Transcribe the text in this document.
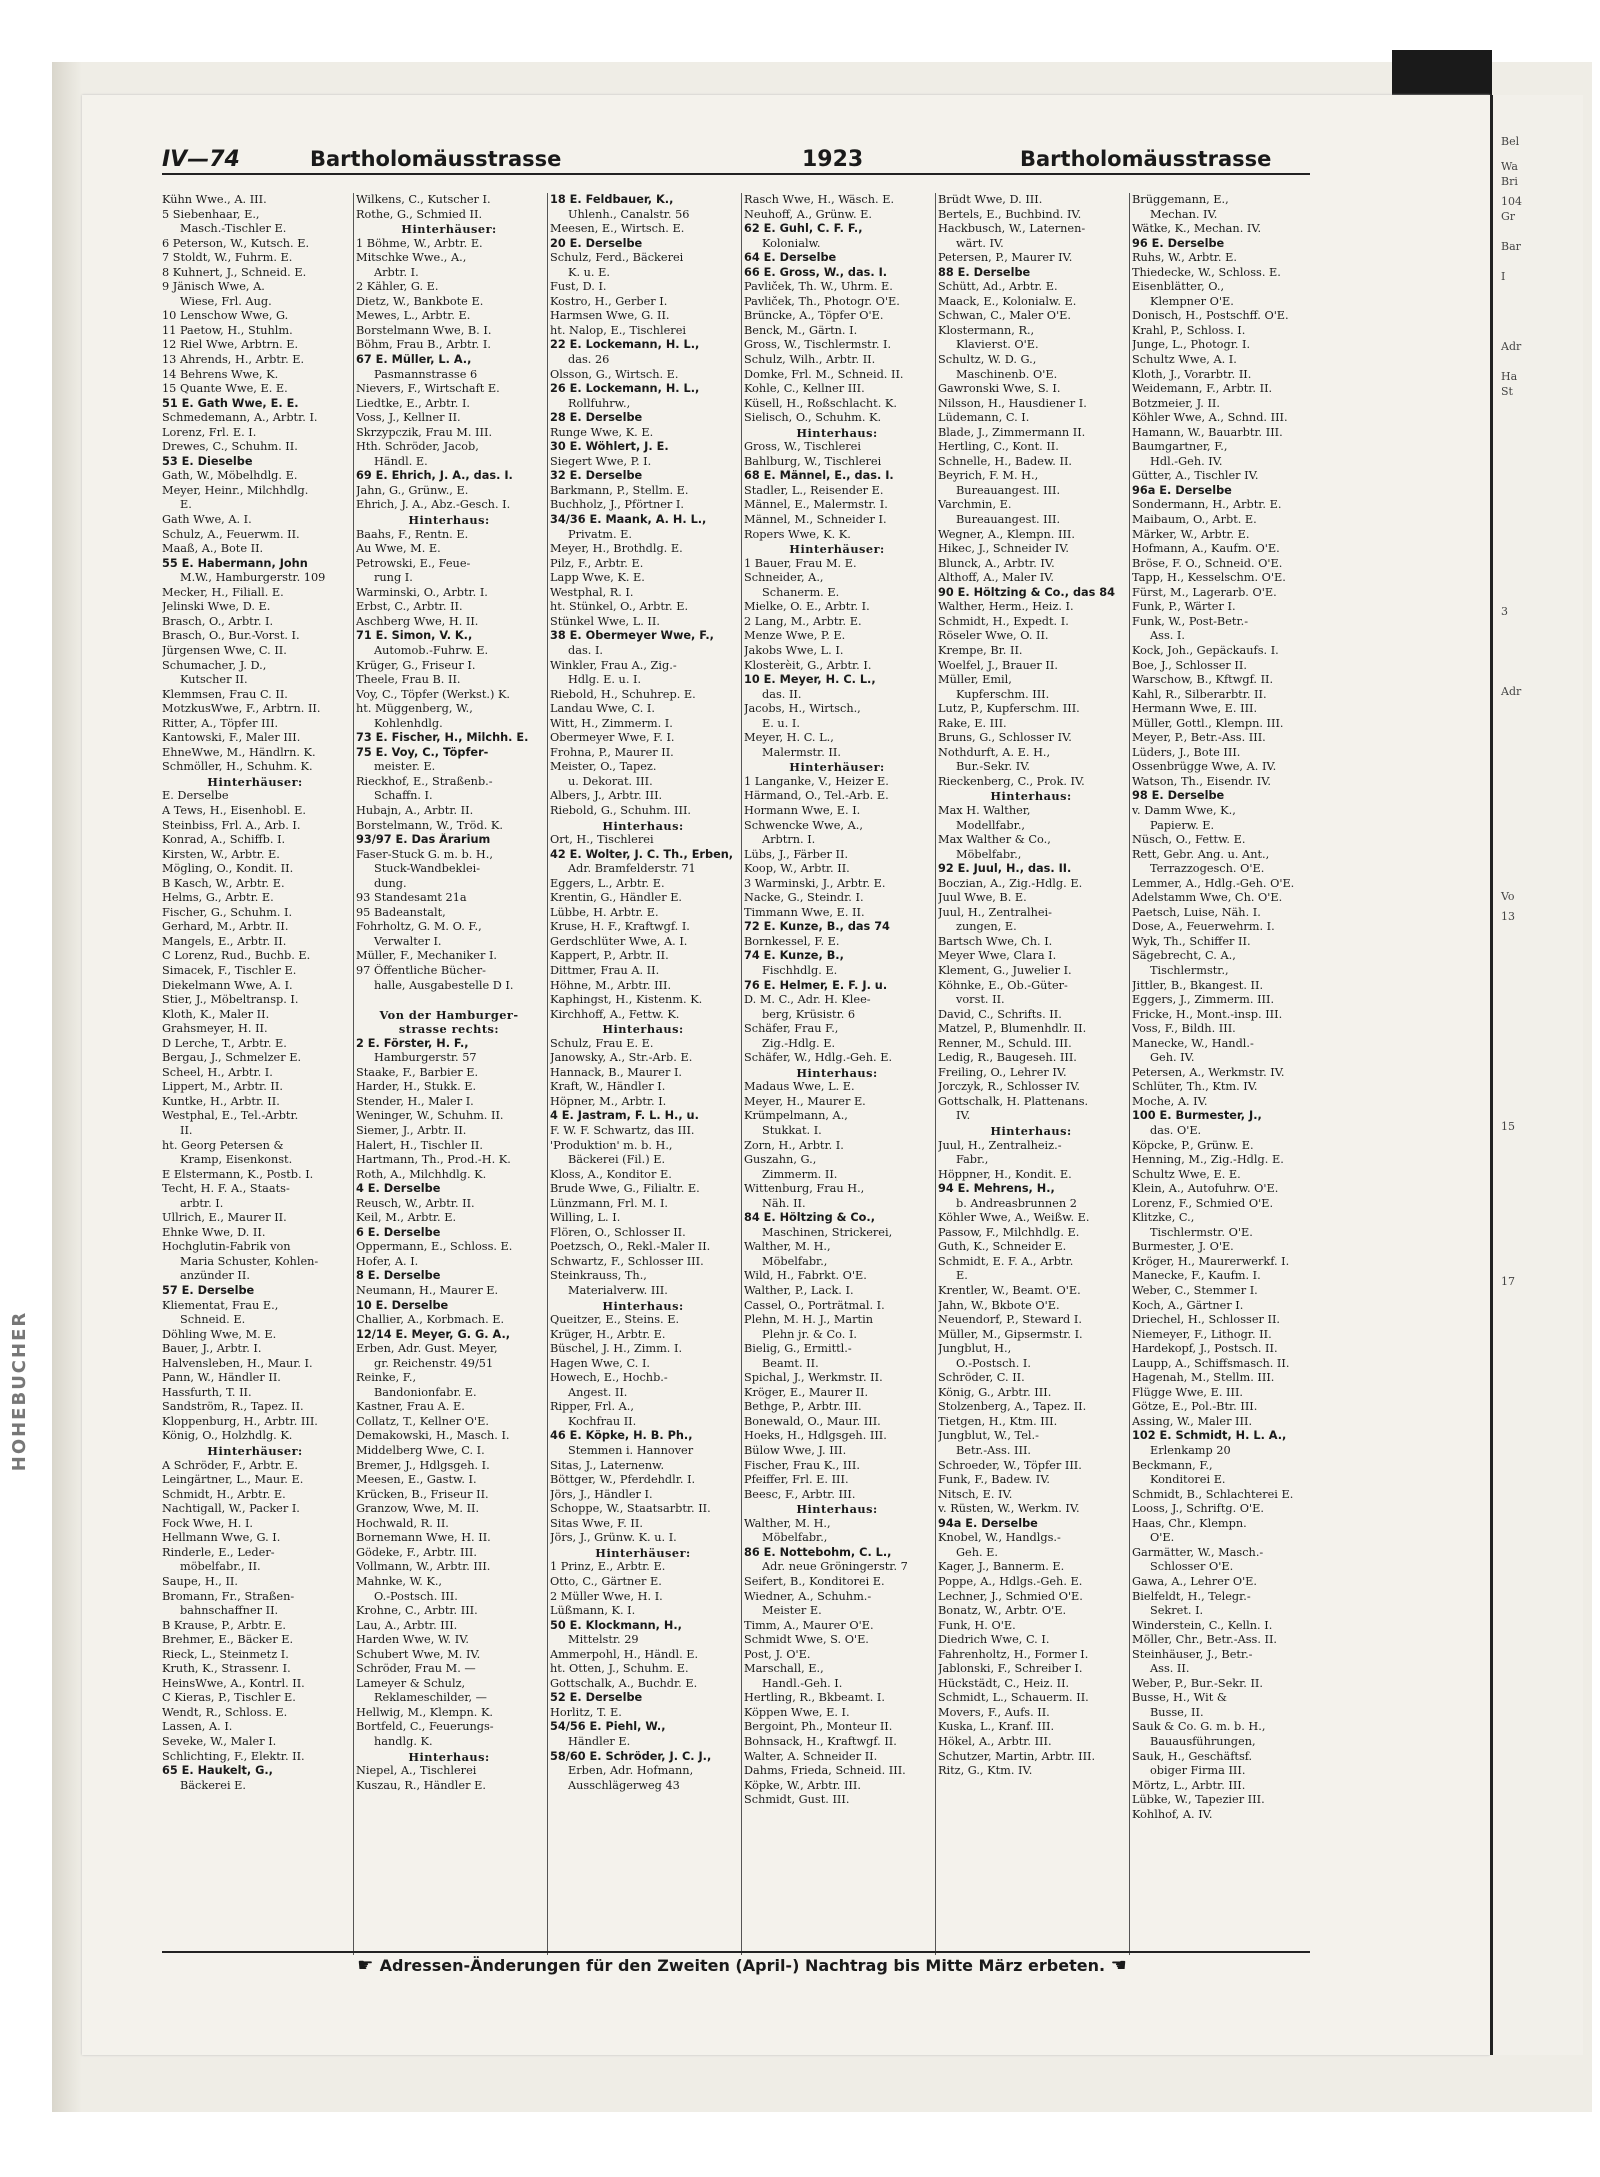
HOHEBUCHER
IV—74	Bartholomäusstrasse	1923	Bartholomäusstrasse
Kühn Wwe., A. III.
5 Siebenhaar, E.,
Masch.-Tischler E.
6 Peterson, W., Kutsch. E.
7 Stoldt, W., Fuhrm. E.
8 Kuhnert, J., Schneid. E.
9 Jänisch Wwe, A.
Wiese, Frl. Aug.
10 Lenschow Wwe, G.
11 Paetow, H., Stuhlm.
12 Riel Wwe, Arbtrn. E.
13 Ahrends, H., Arbtr. E.
14 Behrens Wwe, K.
15 Quante Wwe, E. E.
51 E. Gath Wwe, E. E.
Schmedemann, A., Arbtr. I.
Lorenz, Frl. E. I.
Drewes, C., Schuhm. II.
53 E. Dieselbe
Gath, W., Möbelhdlg. E.
Meyer, Heinr., Milchhdlg.
E.
Gath Wwe, A. I.
Schulz, A., Feuerwm. II.
Maaß, A., Bote II.
55 E. Habermann, John
M.W., Hamburgerstr. 109
Mecker, H., Filiall. E.
Jelinski Wwe, D. E.
Brasch, O., Arbtr. I.
Brasch, O., Bur.-Vorst. I.
Jürgensen Wwe, C. II.
Schumacher, J. D.,
Kutscher II.
Klemmsen, Frau C. II.
MotzkusWwe, F., Arbtrn. II.
Ritter, A., Töpfer III.
Kantowski, F., Maler III.
EhneWwe, M., Händlrn. K.
Schmöller, H., Schuhm. K.
Hinterhäuser:
E. Derselbe
A Tews, H., Eisenhobl. E.
Steinbiss, Frl. A., Arb. I.
Konrad, A., Schiffb. I.
Kirsten, W., Arbtr. E.
Mögling, O., Kondit. II.
B Kasch, W., Arbtr. E.
Helms, G., Arbtr. E.
Fischer, G., Schuhm. I.
Gerhard, M., Arbtr. II.
Mangels, E., Arbtr. II.
C Lorenz, Rud., Buchb. E.
Simacek, F., Tischler E.
Diekelmann Wwe, A. I.
Stier, J., Möbeltransp. I.
Kloth, K., Maler II.
Grahsmeyer, H. II.
D Lerche, T., Arbtr. E.
Bergau, J., Schmelzer E.
Scheel, H., Arbtr. I.
Lippert, M., Arbtr. II.
Kuntke, H., Arbtr. II.
Westphal, E., Tel.-Arbtr.
II.
ht. Georg Petersen &
Kramp, Eisenkonst.
E Elstermann, K., Postb. I.
Techt, H. F. A., Staats-
arbtr. I.
Ullrich, E., Maurer II.
Ehnke Wwe, D. II.
Hochglutin-Fabrik von
Maria Schuster, Kohlen-
anzünder II.
57 E. Derselbe
Kliementat, Frau E.,
Schneid. E.
Döhling Wwe, M. E.
Bauer, J., Arbtr. I.
Halvensleben, H., Maur. I.
Pann, W., Händler II.
Hassfurth, T. II.
Sandström, R., Tapez. II.
Kloppenburg, H., Arbtr. III.
König, O., Holzhdlg. K.
Hinterhäuser:
A Schröder, F., Arbtr. E.
Leingärtner, L., Maur. E.
Schmidt, H., Arbtr. E.
Nachtigall, W., Packer I.
Fock Wwe, H. I.
Hellmann Wwe, G. I.
Rinderle, E., Leder-
möbelfabr., II.
Saupe, H., II.
Bromann, Fr., Straßen-
bahnschaffner II.
B Krause, P., Arbtr. E.
Brehmer, E., Bäcker E.
Rieck, L., Steinmetz I.
Kruth, K., Strassenr. I.
HeinsWwe, A., Kontrl. II.
C Kieras, P., Tischler E.
Wendt, R., Schloss. E.
Lassen, A. I.
Seveke, W., Maler I.
Schlichting, F., Elektr. II.
65 E. Haukelt, G.,
Bäckerei E.
Wilkens, C., Kutscher I.
Rothe, G., Schmied II.
Hinterhäuser:
1 Böhme, W., Arbtr. E.
Mitschke Wwe., A.,
Arbtr. I.
2 Kähler, G. E.
Dietz, W., Bankbote E.
Mewes, L., Arbtr. E.
Borstelmann Wwe, B. I.
Böhm, Frau B., Arbtr. I.
67 E. Müller, L. A.,
Pasmannstrasse 6
Nievers, F., Wirtschaft E.
Liedtke, E., Arbtr. I.
Voss, J., Kellner II.
Skrzypczik, Frau M. III.
Hth. Schröder, Jacob,
Händl. E.
69 E. Ehrich, J. A., das. I.
Jahn, G., Grünw., E.
Ehrich, J. A., Abz.-Gesch. I.
Hinterhaus:
Baahs, F., Rentn. E.
Au Wwe, M. E.
Petrowski, E., Feue-
rung I.
Warminski, O., Arbtr. I.
Erbst, C., Arbtr. II.
Aschberg Wwe, H. II.
71 E. Simon, V. K.,
Automob.-Fuhrw. E.
Krüger, G., Friseur I.
Theele, Frau B. II.
Voy, C., Töpfer (Werkst.) K.
ht. Müggenberg, W.,
Kohlenhdlg.
73 E. Fischer, H., Milchh. E.
75 E. Voy, C., Töpfer-
meister. E.
Rieckhof, E., Straßenb.-
Schaffn. I.
Hubajn, A., Arbtr. II.
Borstelmann, W., Tröd. K.
93/97 E. Das Ärarium
Faser-Stuck G. m. b. H.,
Stuck-Wandbeklei-
dung.
93 Standesamt 21a
95 Badeanstalt,
Fohrholtz, G. M. O. F.,
Verwalter I.
Müller, F., Mechaniker I.
97 Öffentliche Bücher-
halle, Ausgabestelle D I.

Von der Hamburger-
strasse rechts:
2 E. Förster, H. F.,
Hamburgerstr. 57
Staake, F., Barbier E.
Harder, H., Stukk. E.
Stender, H., Maler I.
Weninger, W., Schuhm. II.
Siemer, J., Arbtr. II.
Halert, H., Tischler II.
Hartmann, Th., Prod.-H. K.
Roth, A., Milchhdlg. K.
4 E. Derselbe
Reusch, W., Arbtr. II.
Keil, M., Arbtr. E.
6 E. Derselbe
Oppermann, E., Schloss. E.
Hofer, A. I.
8 E. Derselbe
Neumann, H., Maurer E.
10 E. Derselbe
Challier, A., Korbmach. E.
12/14 E. Meyer, G. G. A.,
Erben, Adr. Gust. Meyer,
gr. Reichenstr. 49/51
Reinke, F.,
Bandonionfabr. E.
Kastner, Frau A. E.
Collatz, T., Kellner O'E.
Demakowski, H., Masch. I.
Middelberg Wwe, C. I.
Bremer, J., Hdlgsgeh. I.
Meesen, E., Gastw. I.
Krücken, B., Friseur II.
Granzow, Wwe, M. II.
Hochwald, R. II.
Bornemann Wwe, H. II.
Gödeke, F., Arbtr. III.
Vollmann, W., Arbtr. III.
Mahnke, W. K.,
O.-Postsch. III.
Krohne, C., Arbtr. III.
Lau, A., Arbtr. III.
Harden Wwe, W. IV.
Schubert Wwe, M. IV.
Schröder, Frau M. —
Lameyer & Schulz,
Reklameschilder, —
Hellwig, M., Klempn. K.
Bortfeld, C., Feuerungs-
handlg. K.
Hinterhaus:
Niepel, A., Tischlerei
Kuszau, R., Händler E.
18 E. Feldbauer, K.,
Uhlenh., Canalstr. 56
Meesen, E., Wirtsch. E.
20 E. Derselbe
Schulz, Ferd., Bäckerei
K. u. E.
Fust, D. I.
Kostro, H., Gerber I.
Harmsen Wwe, G. II.
ht. Nalop, E., Tischlerei
22 E. Lockemann, H. L.,
das. 26
Olsson, G., Wirtsch. E.
26 E. Lockemann, H. L.,
Rollfuhrw.,
28 E. Derselbe
Runge Wwe, K. E.
30 E. Wöhlert, J. E.
Siegert Wwe, P. I.
32 E. Derselbe
Barkmann, P., Stellm. E.
Buchholz, J., Pförtner I.
34/36 E. Maank, A. H. L.,
Privatm. E.
Meyer, H., Brothdlg. E.
Pilz, F., Arbtr. E.
Lapp Wwe, K. E.
Westphal, R. I.
ht. Stünkel, O., Arbtr. E.
Stünkel Wwe, L. II.
38 E. Obermeyer Wwe, F.,
das. I.
Winkler, Frau A., Zig.-
Hdlg. E. u. I.
Riebold, H., Schuhrep. E.
Landau Wwe, C. I.
Witt, H., Zimmerm. I.
Obermeyer Wwe, F. I.
Frohna, P., Maurer II.
Meister, O., Tapez.
u. Dekorat. III.
Albers, J., Arbtr. III.
Riebold, G., Schuhm. III.
Hinterhaus:
Ort, H., Tischlerei
42 E. Wolter, J. C. Th., Erben,
Adr. Bramfelderstr. 71
Eggers, L., Arbtr. E.
Krentin, G., Händler E.
Lübbe, H. Arbtr. E.
Kruse, H. F., Kraftwgf. I.
Gerdschlüter Wwe, A. I.
Kappert, P., Arbtr. II.
Dittmer, Frau A. II.
Höhne, M., Arbtr. III.
Kaphingst, H., Kistenm. K.
Kirchhoff, A., Fettw. K.
Hinterhaus:
Schulz, Frau E. E.
Janowsky, A., Str.-Arb. E.
Hannack, B., Maurer I.
Kraft, W., Händler I.
Höpner, M., Arbtr. I.
4 E. Jastram, F. L. H., u.
F. W. F. Schwartz, das III.
'Produktion' m. b. H.,
Bäckerei (Fil.) E.
Kloss, A., Konditor E.
Brude Wwe, G., Filialtr. E.
Lünzmann, Frl. M. I.
Willing, L. I.
Flören, O., Schlosser II.
Poetzsch, O., Rekl.-Maler II.
Schwartz, F., Schlosser III.
Steinkrauss, Th.,
Materialverw. III.
Hinterhaus:
Queitzer, E., Steins. E.
Krüger, H., Arbtr. E.
Büschel, J. H., Zimm. I.
Hagen Wwe, C. I.
Howech, E., Hochb.-
Angest. II.
Ripper, Frl. A.,
Kochfrau II.
46 E. Köpke, H. B. Ph.,
Stemmen i. Hannover
Sitas, J., Laternenw.
Böttger, W., Pferdehdlr. I.
Jörs, J., Händler I.
Schoppe, W., Staatsarbtr. II.
Sitas Wwe, F. II.
Jörs, J., Grünw. K. u. I.
Hinterhäuser:
1 Prinz, E., Arbtr. E.
Otto, C., Gärtner E.
2 Müller Wwe, H. I.
Lüßmann, K. I.
50 E. Klockmann, H.,
Mittelstr. 29
Ammerpohl, H., Händl. E.
ht. Otten, J., Schuhm. E.
Gottschalk, A., Buchdr. E.
52 E. Derselbe
Horlitz, T. E.
54/56 E. Piehl, W.,
Händler E.
58/60 E. Schröder, J. C. J.,
Erben, Adr. Hofmann,
Ausschlägerweg 43
Rasch Wwe, H., Wäsch. E.
Neuhoff, A., Grünw. E.
62 E. Guhl, C. F. F.,
Kolonialw.
64 E. Derselbe
66 E. Gross, W., das. I.
Pavliček, Th. W., Uhrm. E.
Pavliček, Th., Photogr. O'E.
Brüncke, A., Töpfer O'E.
Benck, M., Gärtn. I.
Gross, W., Tischlermstr. I.
Schulz, Wilh., Arbtr. II.
Domke, Frl. M., Schneid. II.
Kohle, C., Kellner III.
Küsell, H., Roßschlacht. K.
Sielisch, O., Schuhm. K.
Hinterhaus:
Gross, W., Tischlerei
Bahlburg, W., Tischlerei
68 E. Männel, E., das. I.
Stadler, L., Reisender E.
Männel, E., Malermstr. I.
Männel, M., Schneider I.
Ropers Wwe, K. K.
Hinterhäuser:
1 Bauer, Frau M. E.
Schneider, A.,
Schanerm. E.
Mielke, O. E., Arbtr. I.
2 Lang, M., Arbtr. E.
Menze Wwe, P. E.
Jakobs Wwe, L. I.
Klosterèit, G., Arbtr. I.
10 E. Meyer, H. C. L.,
das. II.
Jacobs, H., Wirtsch.,
E. u. I.
Meyer, H. C. L.,
Malermstr. II.
Hinterhäuser:
1 Langanke, V., Heizer E.
Härmand, O., Tel.-Arb. E.
Hormann Wwe, E. I.
Schwencke Wwe, A.,
Arbtrn. I.
Lübs, J., Färber II.
Koop, W., Arbtr. II.
3 Warminski, J., Arbtr. E.
Nacke, G., Steindr. I.
Timmann Wwe, E. II.
72 E. Kunze, B., das 74
Bornkessel, F. E.
74 E. Kunze, B.,
Fischhdlg. E.
76 E. Helmer, E. F. J. u.
D. M. C., Adr. H. Klee-
berg, Krüsistr. 6
Schäfer, Frau F.,
Zig.-Hdlg. E.
Schäfer, W., Hdlg.-Geh. E.
Hinterhaus:
Madaus Wwe, L. E.
Meyer, H., Maurer E.
Krümpelmann, A.,
Stukkat. I.
Zorn, H., Arbtr. I.
Guszahn, G.,
Zimmerm. II.
Wittenburg, Frau H.,
Näh. II.
84 E. Höltzing & Co.,
Maschinen, Strickerei,
Walther, M. H.,
Möbelfabr.,
Wild, H., Fabrkt. O'E.
Walther, P., Lack. I.
Cassel, O., Porträtmal. I.
Plehn, M. H. J., Martin
Plehn jr. & Co. I.
Bielig, G., Ermittl.-
Beamt. II.
Spichal, J., Werkmstr. II.
Kröger, E., Maurer II.
Bethge, P., Arbtr. III.
Bonewald, O., Maur. III.
Hoeks, H., Hdlgsgeh. III.
Bülow Wwe, J. III.
Fischer, Frau K., III.
Pfeiffer, Frl. E. III.
Beesc, F., Arbtr. III.
Hinterhaus:
Walther, M. H.,
Möbelfabr.,
86 E. Nottebohm, C. L.,
Adr. neue Gröningerstr. 7
Seifert, B., Konditorei E.
Wiedner, A., Schuhm.-
Meister E.
Timm, A., Maurer O'E.
Schmidt Wwe, S. O'E.
Post, J. O'E.
Marschall, E.,
Handl.-Geh. I.
Hertling, R., Bkbeamt. I.
Köppen Wwe, E. I.
Bergoint, Ph., Monteur II.
Bohnsack, H., Kraftwgf. II.
Walter, A. Schneider II.
Dahms, Frieda, Schneid. III.
Köpke, W., Arbtr. III.
Schmidt, Gust. III.
Brüdt Wwe, D. III.
Bertels, E., Buchbind. IV.
Hackbusch, W., Laternen-
wärt. IV.
Petersen, P., Maurer IV.
88 E. Derselbe
Schütt, Ad., Arbtr. E.
Maack, E., Kolonialw. E.
Schwan, C., Maler O'E.
Klostermann, R.,
Klavierst. O'E.
Schultz, W. D. G.,
Maschinenb. O'E.
Gawronski Wwe, S. I.
Nilsson, H., Hausdiener I.
Lüdemann, C. I.
Blade, J., Zimmermann II.
Hertling, C., Kont. II.
Schnelle, H., Badew. II.
Beyrich, F. M. H.,
Bureauangest. III.
Varchmin, E.
Bureauangest. III.
Wegner, A., Klempn. III.
Hikec, J., Schneider IV.
Blunck, A., Arbtr. IV.
Althoff, A., Maler IV.
90 E. Höltzing & Co., das 84
Walther, Herm., Heiz. I.
Schmidt, H., Expedt. I.
Röseler Wwe, O. II.
Krempe, Br. II.
Woelfel, J., Brauer II.
Müller, Emil,
Kupferschm. III.
Lutz, P., Kupferschm. III.
Rake, E. III.
Bruns, G., Schlosser IV.
Nothdurft, A. E. H.,
Bur.-Sekr. IV.
Rieckenberg, C., Prok. IV.
Hinterhaus:
Max H. Walther,
Modellfabr.,
Max Walther & Co.,
Möbelfabr.,
92 E. Juul, H., das. II.
Boczian, A., Zig.-Hdlg. E.
Juul Wwe, B. E.
Juul, H., Zentralhei-
zungen, E.
Bartsch Wwe, Ch. I.
Meyer Wwe, Clara I.
Klement, G., Juwelier I.
Köhnke, E., Ob.-Güter-
vorst. II.
David, C., Schrifts. II.
Matzel, P., Blumenhdlr. II.
Renner, M., Schuld. III.
Ledig, R., Baugeseh. III.
Freiling, O., Lehrer IV.
Jorczyk, R., Schlosser IV.
Gottschalk, H. Plattenans.
IV.
Hinterhaus:
Juul, H., Zentralheiz.-
Fabr.,
Höppner, H., Kondit. E.
94 E. Mehrens, H.,
b. Andreasbrunnen 2
Köhler Wwe, A., Weißw. E.
Passow, F., Milchhdlg. E.
Guth, K., Schneider E.
Schmidt, E. F. A., Arbtr.
E.
Krentler, W., Beamt. O'E.
Jahn, W., Bkbote O'E.
Neuendorf, P., Steward I.
Müller, M., Gipsermstr. I.
Jungblut, H.,
O.-Postsch. I.
Schröder, C. II.
König, G., Arbtr. III.
Stolzenberg, A., Tapez. II.
Tietgen, H., Ktm. III.
Jungblut, W., Tel.-
Betr.-Ass. III.
Schroeder, W., Töpfer III.
Funk, F., Badew. IV.
Nitsch, E. IV.
v. Rüsten, W., Werkm. IV.
94a E. Derselbe
Knobel, W., Handlgs.-
Geh. E.
Kager, J., Bannerm. E.
Poppe, A., Hdlgs.-Geh. E.
Lechner, J., Schmied O'E.
Bonatz, W., Arbtr. O'E.
Funk, H. O'E.
Diedrich Wwe, C. I.
Fahrenholtz, H., Former I.
Jablonski, F., Schreiber I.
Hückstädt, C., Heiz. II.
Schmidt, L., Schauerm. II.
Movers, F., Aufs. II.
Kuska, L., Kranf. III.
Hökel, A., Arbtr. III.
Schutzer, Martin, Arbtr. III.
Ritz, G., Ktm. IV.
Brüggemann, E.,
Mechan. IV.
Wätke, K., Mechan. IV.
96 E. Derselbe
Ruhs, W., Arbtr. E.
Thiedecke, W., Schloss. E.
Eisenblätter, O.,
Klempner O'E.
Donisch, H., Postschff. O'E.
Krahl, P., Schloss. I.
Junge, L., Photogr. I.
Schultz Wwe, A. I.
Kloth, J., Vorarbtr. II.
Weidemann, F., Arbtr. II.
Botzmeier, J. II.
Köhler Wwe, A., Schnd. III.
Hamann, W., Bauarbtr. III.
Baumgartner, F.,
Hdl.-Geh. IV.
Gütter, A., Tischler IV.
96a E. Derselbe
Sondermann, H., Arbtr. E.
Maibaum, O., Arbt. E.
Märker, W., Arbtr. E.
Hofmann, A., Kaufm. O'E.
Bröse, F. O., Schneid. O'E.
Tapp, H., Kesselschm. O'E.
Fürst, M., Lagerarb. O'E.
Funk, P., Wärter I.
Funk, W., Post-Betr.-
Ass. I.
Kock, Joh., Gepäckaufs. I.
Boe, J., Schlosser II.
Warschow, B., Kftwgf. II.
Kahl, R., Silberarbtr. II.
Hermann Wwe, E. III.
Müller, Gottl., Klempn. III.
Meyer, P., Betr.-Ass. III.
Lüders, J., Bote III.
Ossenbrügge Wwe, A. IV.
Watson, Th., Eisendr. IV.
98 E. Derselbe
v. Damm Wwe, K.,
Papierw. E.
Nüsch, O., Fettw. E.
Rett, Gebr. Ang. u. Ant.,
Terrazzogesch. O'E.
Lemmer, A., Hdlg.-Geh. O'E.
Adelstamm Wwe, Ch. O'E.
Paetsch, Luise, Näh. I.
Dose, A., Feuerwehrm. I.
Wyk, Th., Schiffer II.
Sägebrecht, C. A.,
Tischlermstr.,
Jittler, B., Bkangest. II.
Eggers, J., Zimmerm. III.
Fricke, H., Mont.-insp. III.
Voss, F., Bildh. III.
Manecke, W., Handl.-
Geh. IV.
Petersen, A., Werkmstr. IV.
Schlüter, Th., Ktm. IV.
Moche, A. IV.
100 E. Burmester, J.,
das. O'E.
Köpcke, P., Grünw. E.
Henning, M., Zig.-Hdlg. E.
Schultz Wwe, E. E.
Klein, A., Autofuhrw. O'E.
Lorenz, F., Schmied O'E.
Klitzke, C.,
Tischlermstr. O'E.
Burmester, J. O'E.
Kröger, H., Maurerwerkf. I.
Manecke, F., Kaufm. I.
Weber, C., Stemmer I.
Koch, A., Gärtner I.
Driechel, H., Schlosser II.
Niemeyer, F., Lithogr. II.
Hardekopf, J., Postsch. II.
Laupp, A., Schiffsmasch. II.
Hagenah, M., Stellm. III.
Flügge Wwe, E. III.
Götze, E., Pol.-Btr. III.
Assing, W., Maler III.
102 E. Schmidt, H. L. A.,
Erlenkamp 20
Beckmann, F.,
Konditorei E.
Schmidt, B., Schlachterei E.
Looss, J., Schriftg. O'E.
Haas, Chr., Klempn.
O'E.
Garmätter, W., Masch.-
Schlosser O'E.
Gawa, A., Lehrer O'E.
Bielfeldt, H., Telegr.-
Sekret. I.
Winderstein, C., Kelln. I.
Möller, Chr., Betr.-Ass. II.
Steinhäuser, J., Betr.-
Ass. II.
Weber, P., Bur.-Sekr. II.
Busse, H., Wit &
Busse, II.
Sauk & Co. G. m. b. H.,
Bauausführungen,
Sauk, H., Geschäftsf.
obiger Firma III.
Mörtz, L., Arbtr. III.
Lübke, W., Tapezier III.
Kohlhof, A. IV.
☛ Adressen-Änderungen für den Zweiten (April-) Nachtrag bis Mitte März erbeten. ☚
Bel
Wa
Bri
104
Gr
Bar
I
Adr
Ha
St
3
Adr
Vo
13
15
17
